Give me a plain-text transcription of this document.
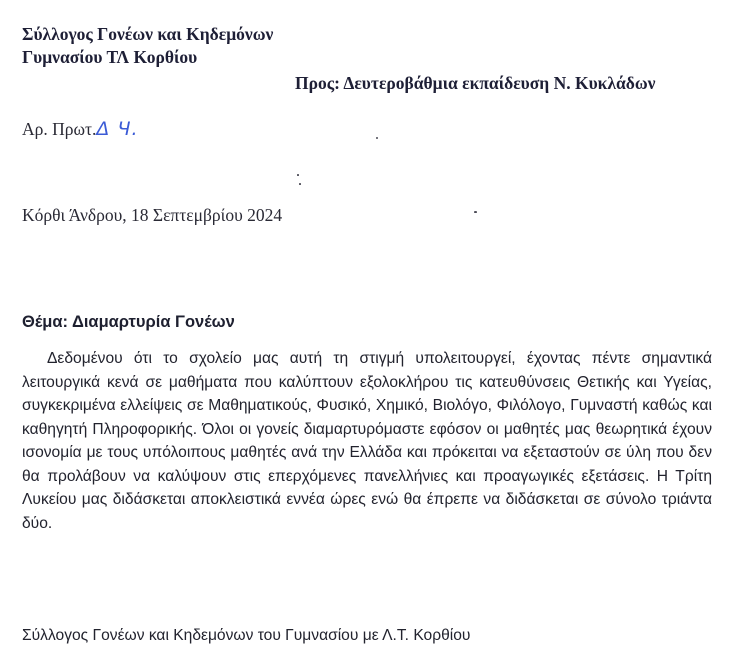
Σύλλογος Γονέων και Κηδεμόνων
Γυμνασίου ΤΛ Κορθίου
Προς: Δευτεροβάθμια εκπαίδευση Ν. Κυκλάδων
Αρ. Πρωτ.Δ Ч.
Κόρθι Άνδρου, 18 Σεπτεμβρίου 2024
Θέμα: Διαμαρτυρία Γονέων

Δεδομένου ότι το σχολείο μας αυτή τη στιγμή υπολειτουργεί, έχοντας πέντε σημαντικά λειτουργικά κενά σε μαθήματα που καλύπτουν εξολοκλήρου τις κατευθύνσεις Θετικής και Υγείας, συγκεκριμένα ελλείψεις σε Μαθηματικούς, Φυσικό, Χημικό, Βιολόγο, Φιλόλογο, Γυμναστή καθώς και καθηγητή Πληροφορικής. Όλοι οι γονείς διαμαρτυρόμαστε εφόσον οι μαθητές μας θεωρητικά έχουν ισονομία με τους υπόλοιπους μαθητές ανά την Ελλάδα και πρόκειται να εξεταστούν σε ύλη που δεν θα προλάβουν να καλύψουν στις επερχόμενες πανελλήνιες και προαγωγικές εξετάσεις. Η Τρίτη Λυκείου μας διδάσκεται αποκλειστικά εννέα ώρες ενώ θα έπρεπε να διδάσκεται σε σύνολο τριάντα δύο.

Σύλλογος Γονέων και Κηδεμόνων του Γυμνασίου με Λ.Τ. Κορθίου
